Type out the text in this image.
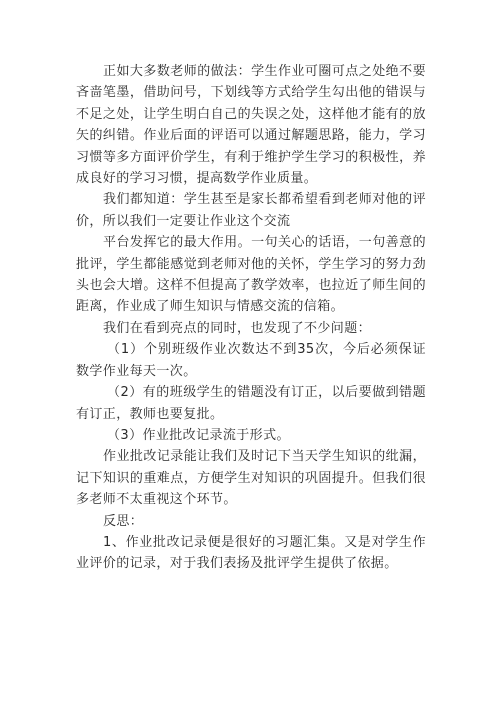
正如大多数老师的做法：学生作业可圈可点之处绝不要吝啬笔墨，借助问号，下划线等方式给学生勾出他的错误与不足之处，让学生明白自己的失误之处，这样他才能有的放矢的纠错。作业后面的评语可以通过解题思路，能力，学习习惯等多方面评价学生，有利于维护学生学习的积极性，养成良好的学习习惯，提高数学作业质量。

我们都知道：学生甚至是家长都希望看到老师对他的评价，所以我们一定要让作业这个交流

平台发挥它的最大作用。一句关心的话语，一句善意的批评，学生都能感觉到老师对他的关怀，学生学习的努力劲头也会大增。这样不但提高了教学效率，也拉近了师生间的距离，作业成了师生知识与情感交流的信箱。

我们在看到亮点的同时，也发现了不少问题：

（1）个别班级作业次数达不到35次，今后必须保证数学作业每天一次。

（2）有的班级学生的错题没有订正，以后要做到错题有订正，教师也要复批。

（3）作业批改记录流于形式。

作业批改记录能让我们及时记下当天学生知识的纰漏，记下知识的重难点，方便学生对知识的巩固提升。但我们很多老师不太重视这个环节。

反思：

1、作业批改记录便是很好的习题汇集。又是对学生作业评价的记录，对于我们表扬及批评学生提供了依据。
